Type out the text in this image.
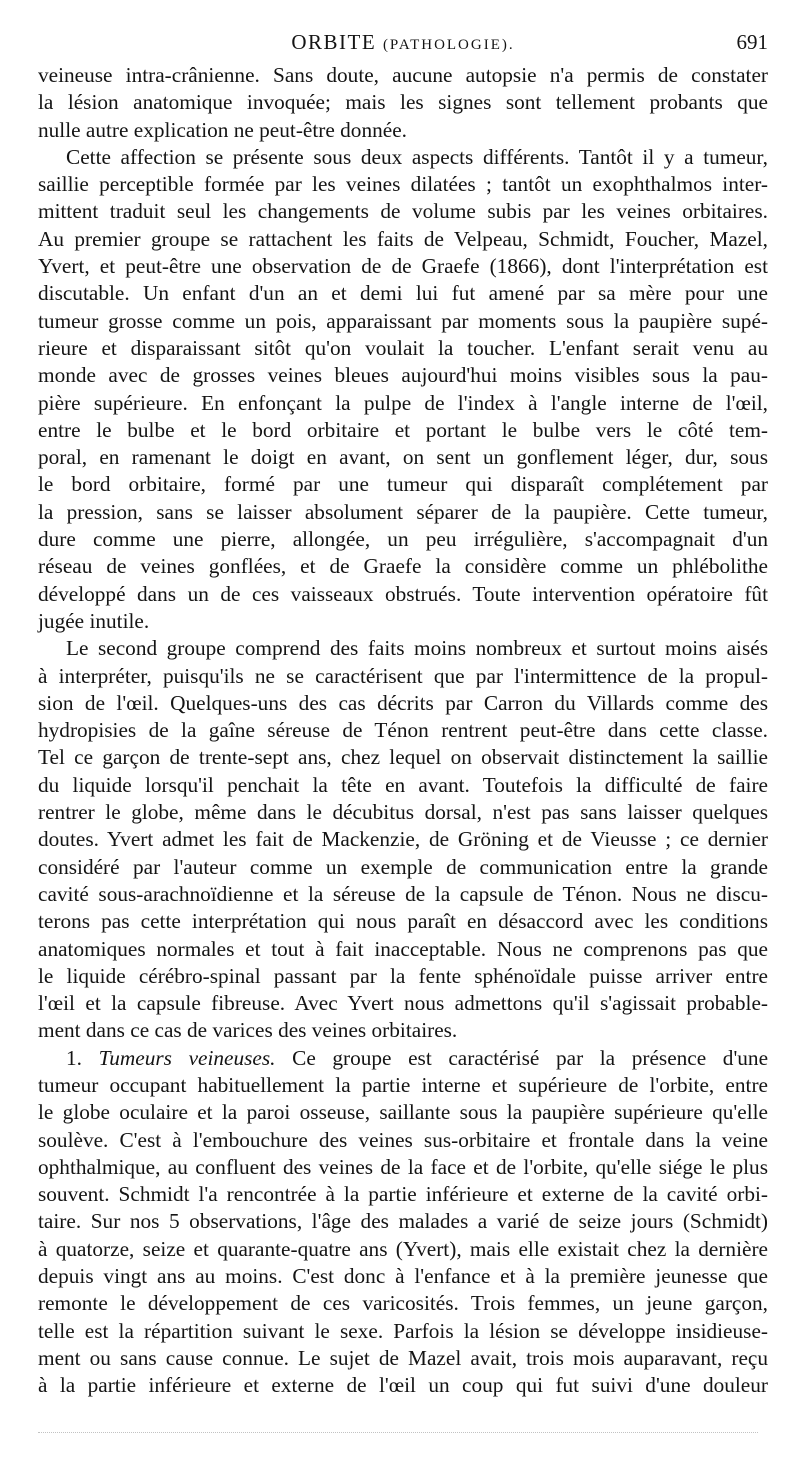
ORBITE (PATHOLOGIE).	691

veineuse intra-crânienne. Sans doute, aucune autopsie n'a permis de constater
la lésion anatomique invoquée; mais les signes sont tellement probants que
nulle autre explication ne peut-être donnée.

Cette affection se présente sous deux aspects différents. Tantôt il y a tumeur,

saillie perceptible formée par les veines dilatées ; tantôt un exophthalmos inter-
mittent traduit seul les changements de volume subis par les veines orbitaires.
Au premier groupe se rattachent les faits de Velpeau, Schmidt, Foucher, Mazel,
Yvert, et peut-être une observation de de Graefe (1866), dont l'interprétation est
discutable. Un enfant d'un an et demi lui fut amené par sa mère pour une
tumeur grosse comme un pois, apparaissant par moments sous la paupière supé-
rieure et disparaissant sitôt qu'on voulait la toucher. L'enfant serait venu au
monde avec de grosses veines bleues aujourd'hui moins visibles sous la pau-
pière supérieure. En enfonçant la pulpe de l'index à l'angle interne de l'œil,
entre le bulbe et le bord orbitaire et portant le bulbe vers le côté tem-
poral, en ramenant le doigt en avant, on sent un gonflement léger, dur, sous
le bord orbitaire, formé par une tumeur qui disparaît complétement par
la pression, sans se laisser absolument séparer de la paupière. Cette tumeur,
dure comme une pierre, allongée, un peu irrégulière, s'accompagnait d'un
réseau de veines gonflées, et de Graefe la considère comme un phlébolithe
développé dans un de ces vaisseaux obstrués. Toute intervention opératoire fût
jugée inutile.

Le second groupe comprend des faits moins nombreux et surtout moins aisés

à interpréter, puisqu'ils ne se caractérisent que par l'intermittence de la propul-
sion de l'œil. Quelques-uns des cas décrits par Carron du Villards comme des
hydropisies de la gaîne séreuse de Ténon rentrent peut-être dans cette classe.
Tel ce garçon de trente-sept ans, chez lequel on observait distinctement la saillie
du liquide lorsqu'il penchait la tête en avant. Toutefois la difficulté de faire
rentrer le globe, même dans le décubitus dorsal, n'est pas sans laisser quelques
doutes. Yvert admet les fait de Mackenzie, de Gröning et de Vieusse ; ce dernier
considéré par l'auteur comme un exemple de communication entre la grande
cavité sous-arachnoïdienne et la séreuse de la capsule de Ténon. Nous ne discu-
terons pas cette interprétation qui nous paraît en désaccord avec les conditions
anatomiques normales et tout à fait inacceptable. Nous ne comprenons pas que
le liquide cérébro-spinal passant par la fente sphénoïdale puisse arriver entre
l'œil et la capsule fibreuse. Avec Yvert nous admettons qu'il s'agissait probable-
ment dans ce cas de varices des veines orbitaires.

1. Tumeurs veineuses. Ce groupe est caractérisé par la présence d'une

tumeur occupant habituellement la partie interne et supérieure de l'orbite, entre
le globe oculaire et la paroi osseuse, saillante sous la paupière supérieure qu'elle
soulève. C'est à l'embouchure des veines sus-orbitaire et frontale dans la veine
ophthalmique, au confluent des veines de la face et de l'orbite, qu'elle siége le plus
souvent. Schmidt l'a rencontrée à la partie inférieure et externe de la cavité orbi-
taire. Sur nos 5 observations, l'âge des malades a varié de seize jours (Schmidt)
à quatorze, seize et quarante-quatre ans (Yvert), mais elle existait chez la dernière
depuis vingt ans au moins. C'est donc à l'enfance et à la première jeunesse que
remonte le développement de ces varicosités. Trois femmes, un jeune garçon,
telle est la répartition suivant le sexe. Parfois la lésion se développe insidieuse-
ment ou sans cause connue. Le sujet de Mazel avait, trois mois auparavant, reçu
à la partie inférieure et externe de l'œil un coup qui fut suivi d'une douleur
